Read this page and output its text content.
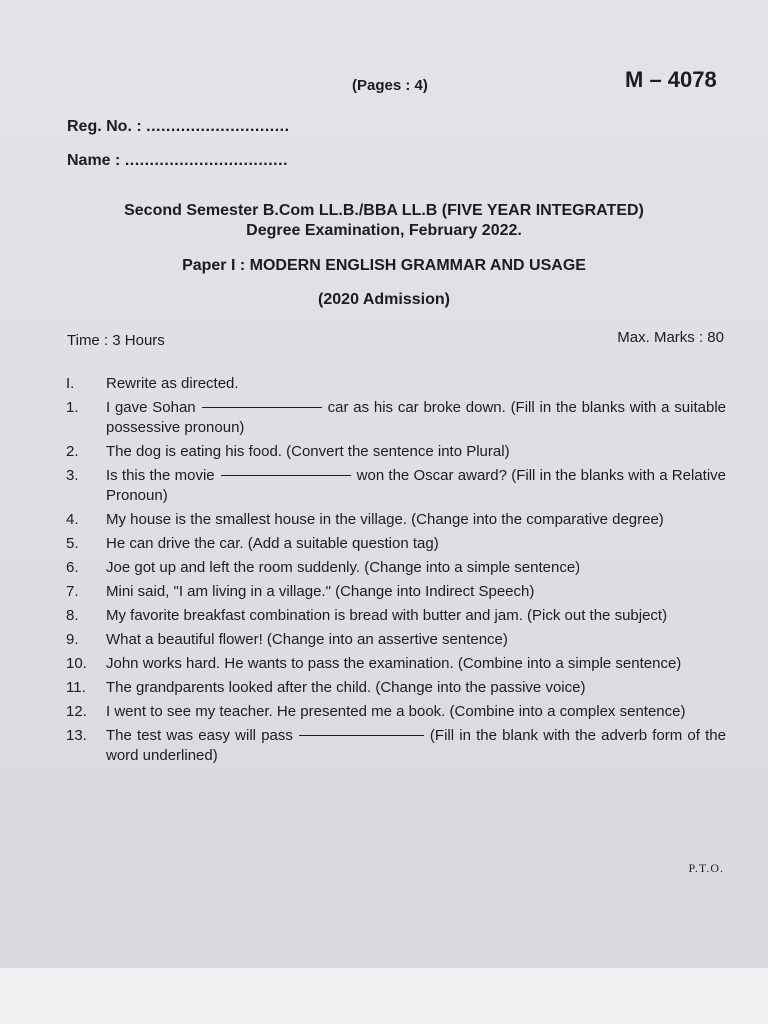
(Pages : 4)	M – 4078
Reg. No. : .............................
Name : .................................
Second Semester B.Com LL.B./BBA LL.B (FIVE YEAR INTEGRATED)
Degree Examination, February 2022.
Paper I : MODERN ENGLISH GRAMMAR AND USAGE
(2020 Admission)
Time : 3 Hours	Max. Marks : 80
I.	Rewrite as directed.
1.	I gave Sohan	car as his car broke down. (Fill in the blanks with a suitable possessive pronoun)
2.	The dog is eating his food. (Convert the sentence into Plural)
3.	Is this the movie	won the Oscar award? (Fill in the blanks with a Relative Pronoun)
4.	My house is the smallest house in the village. (Change into the comparative degree)
5.	He can drive the car. (Add a suitable question tag)
6.	Joe got up and left the room suddenly. (Change into a simple sentence)
7.	Mini said, "I am living in a village." (Change into Indirect Speech)
8.	My favorite breakfast combination is bread with butter and jam. (Pick out the subject)
9.	What a beautiful flower! (Change into an assertive sentence)
10.	John works hard. He wants to pass the examination. (Combine into a simple sentence)
11.	The grandparents looked after the child. (Change into the passive voice)
12.	I went to see my teacher. He presented me a book. (Combine into a complex sentence)
13.	The test was easy will pass	(Fill in the blank with the adverb form of the word underlined)
P.T.O.
